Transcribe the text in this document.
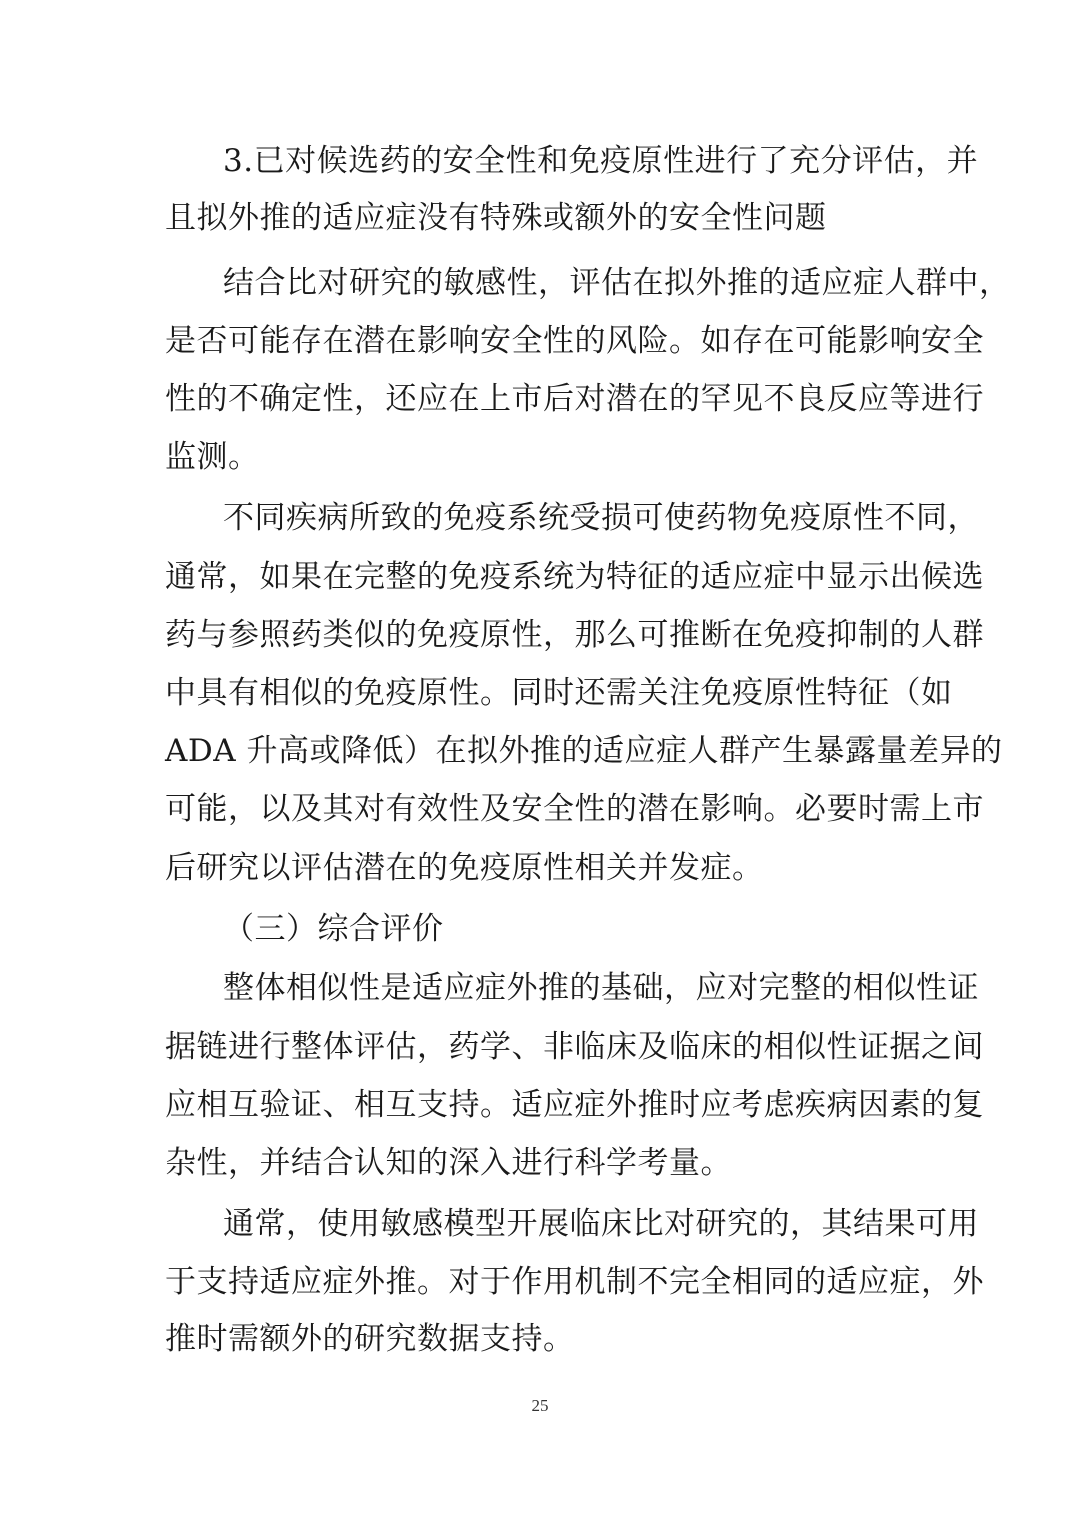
3.已对候选药的安全性和免疫原性进行了充分评估，并
且拟外推的适应症没有特殊或额外的安全性问题
结合比对研究的敏感性，评估在拟外推的适应症人群中，
是否可能存在潜在影响安全性的风险。如存在可能影响安全
性的不确定性，还应在上市后对潜在的罕见不良反应等进行
监测。
不同疾病所致的免疫系统受损可使药物免疫原性不同，
通常，如果在完整的免疫系统为特征的适应症中显示出候选
药与参照药类似的免疫原性，那么可推断在免疫抑制的人群
中具有相似的免疫原性。同时还需关注免疫原性特征（如
ADA 升高或降低）在拟外推的适应症人群产生暴露量差异的
可能，以及其对有效性及安全性的潜在影响。必要时需上市
后研究以评估潜在的免疫原性相关并发症。
（三）综合评价
整体相似性是适应症外推的基础，应对完整的相似性证
据链进行整体评估，药学、非临床及临床的相似性证据之间
应相互验证、相互支持。适应症外推时应考虑疾病因素的复
杂性，并结合认知的深入进行科学考量。
通常，使用敏感模型开展临床比对研究的，其结果可用
于支持适应症外推。对于作用机制不完全相同的适应症，外
推时需额外的研究数据支持。
25
